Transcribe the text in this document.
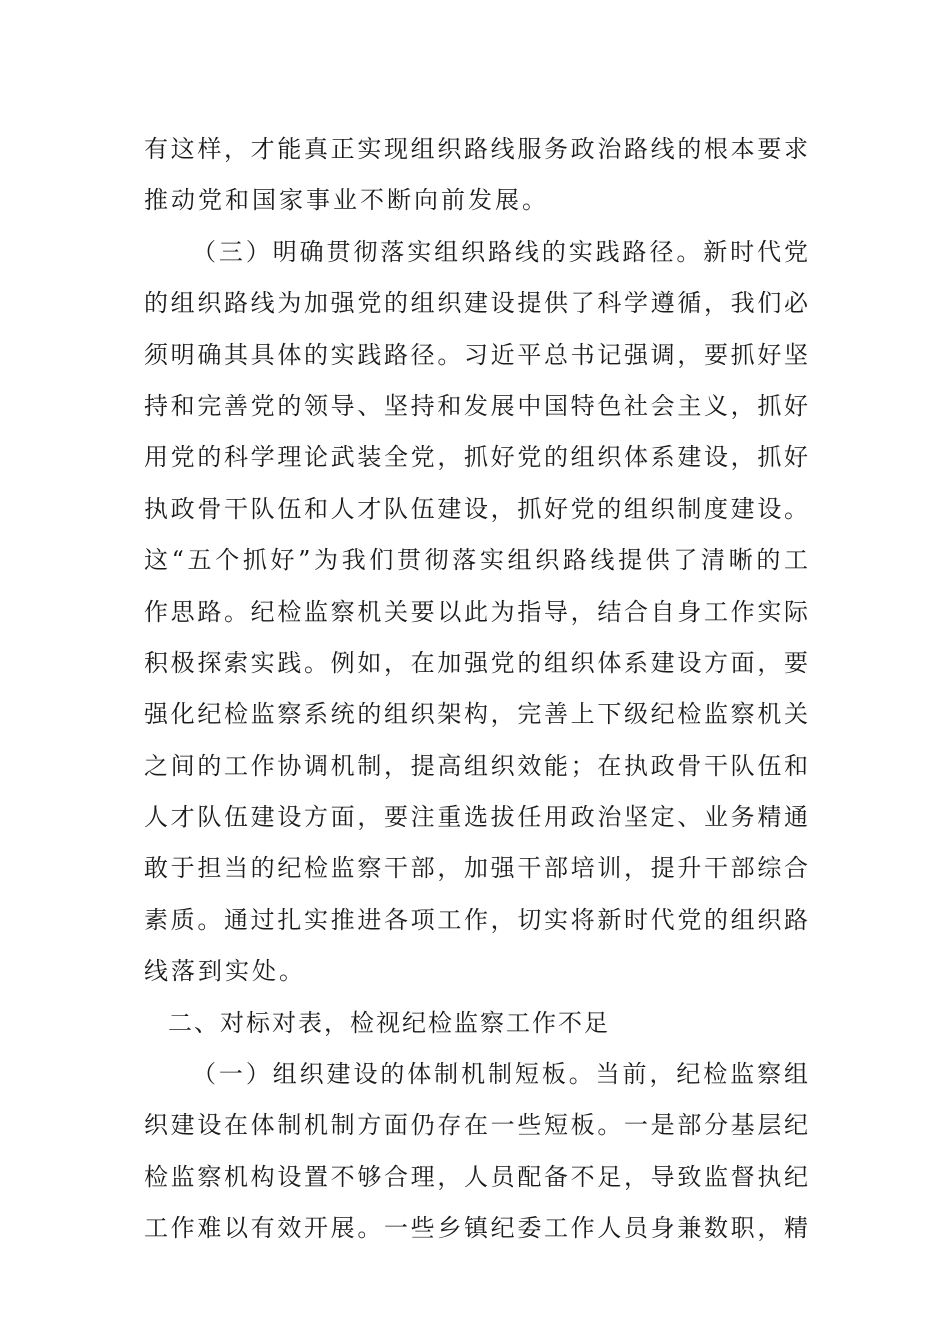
有这样，才能真正实现组织路线服务政治路线的根本要求
推动党和国家事业不断向前发展。
（三）明确贯彻落实组织路线的实践路径。新时代党
的组织路线为加强党的组织建设提供了科学遵循，我们必
须明确其具体的实践路径。习近平总书记强调，要抓好坚
持和完善党的领导、坚持和发展中国特色社会主义，抓好
用党的科学理论武装全党，抓好党的组织体系建设，抓好
执政骨干队伍和人才队伍建设，抓好党的组织制度建设。
这“五个抓好”为我们贯彻落实组织路线提供了清晰的工
作思路。纪检监察机关要以此为指导，结合自身工作实际
积极探索实践。例如，在加强党的组织体系建设方面，要
强化纪检监察系统的组织架构，完善上下级纪检监察机关
之间的工作协调机制，提高组织效能；在执政骨干队伍和
人才队伍建设方面，要注重选拔任用政治坚定、业务精通
敢于担当的纪检监察干部，加强干部培训，提升干部综合
素质。通过扎实推进各项工作，切实将新时代党的组织路
线落到实处。
二、对标对表，检视纪检监察工作不足
（一）组织建设的体制机制短板。当前，纪检监察组
织建设在体制机制方面仍存在一些短板。一是部分基层纪
检监察机构设置不够合理，人员配备不足，导致监督执纪
工作难以有效开展。一些乡镇纪委工作人员身兼数职，精
